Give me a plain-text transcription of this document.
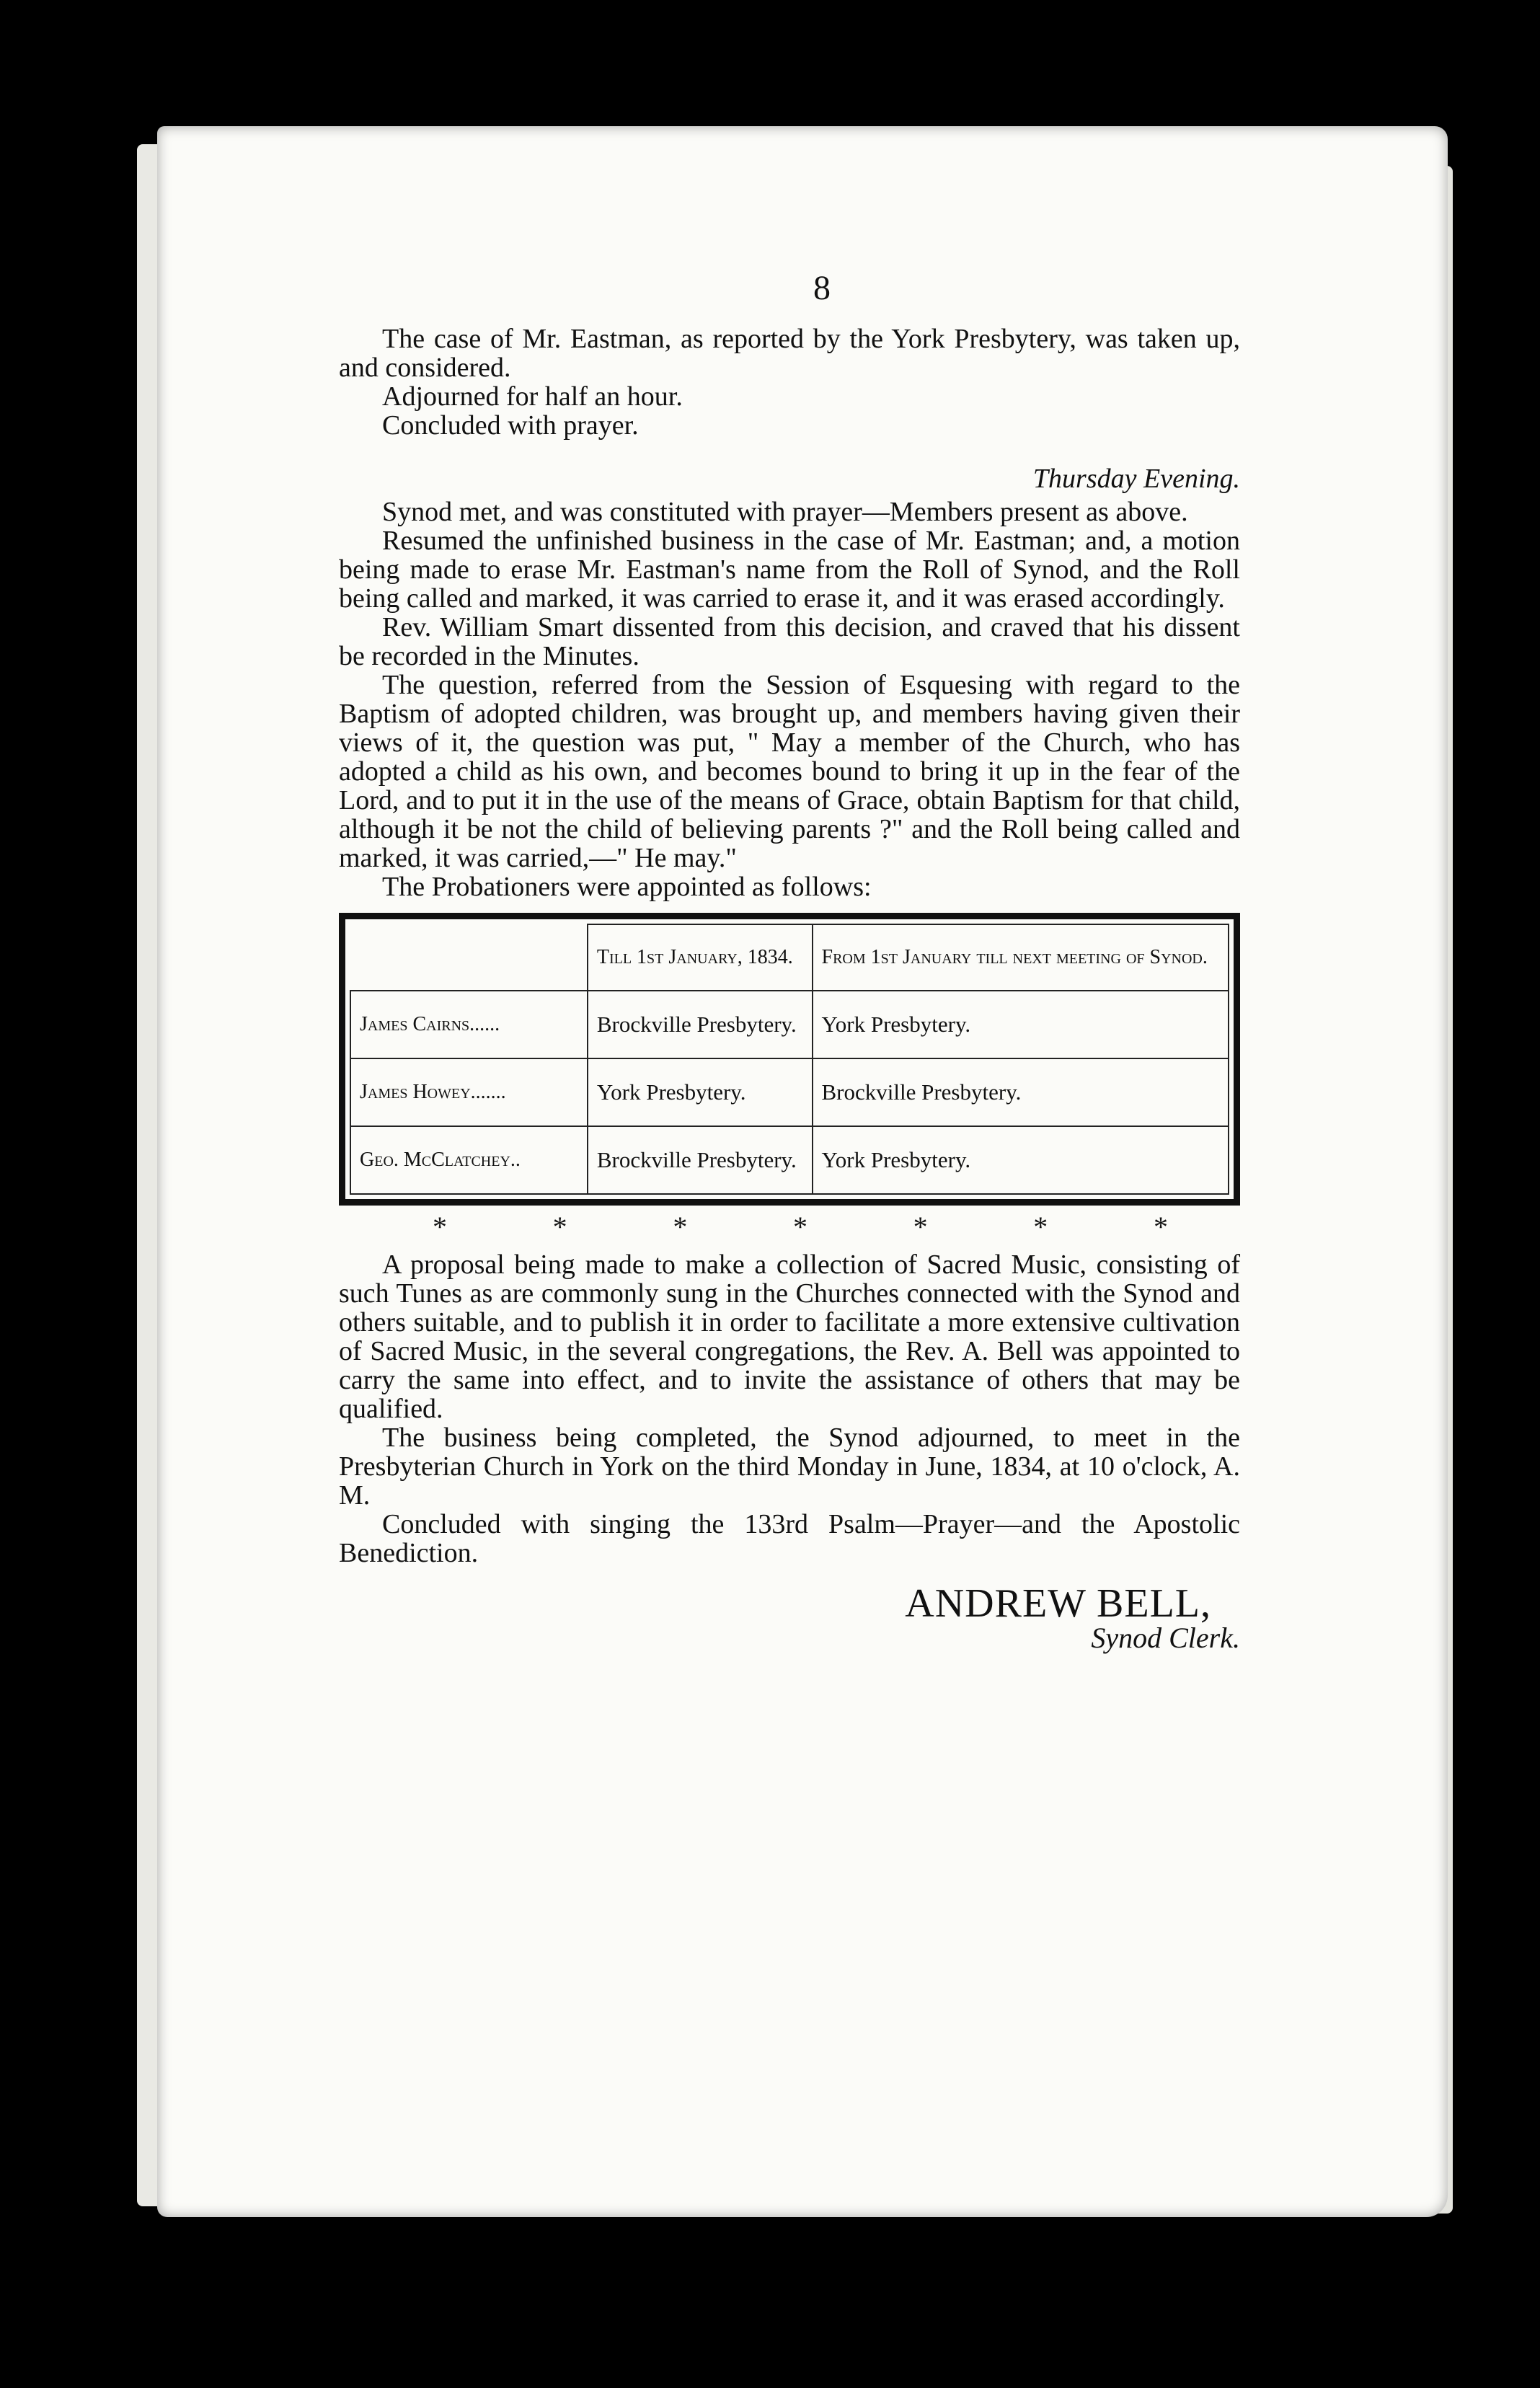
8

The case of Mr. Eastman, as reported by the York Presbytery, was taken up, and considered.

Adjourned for half an hour.

Concluded with prayer.

Thursday Evening.

Synod met, and was constituted with prayer—Members present as above.

Resumed the unfinished business in the case of Mr. Eastman; and, a motion being made to erase Mr. Eastman's name from the Roll of Synod, and the Roll being called and marked, it was carried to erase it, and it was erased accordingly.

Rev. William Smart dissented from this decision, and craved that his dissent be recorded in the Minutes.

The question, referred from the Session of Esquesing with regard to the Baptism of adopted children, was brought up, and members having given their views of it, the question was put, " May a member of the Church, who has adopted a child as his own, and becomes bound to bring it up in the fear of the Lord, and to put it in the use of the means of Grace, obtain Baptism for that child, although it be not the child of believing parents ?" and the Roll being called and marked, it was carried,—" He may."

The Probationers were appointed as follows:

	Till 1st January, 1834.	From 1st January till next meeting of Synod.
James Cairns......	Brockville Presbytery.	York Presbytery.
James Howey.......	York Presbytery.	Brockville Presbytery.
Geo. McClatchey..	Brockville Presbytery.	York Presbytery.
*	*	*	*	*	*	*

A proposal being made to make a collection of Sacred Music, consisting of such Tunes as are commonly sung in the Churches connected with the Synod and others suitable, and to publish it in order to facilitate a more extensive cultivation of Sacred Music, in the several congregations, the Rev. A. Bell was appointed to carry the same into effect, and to invite the assistance of others that may be qualified.

The business being completed, the Synod adjourned, to meet in the Presbyterian Church in York on the third Monday in June, 1834, at 10 o'clock, A. M.

Concluded with singing the 133rd Psalm—Prayer—and the Apostolic Benediction.

ANDREW BELL,
Synod Clerk.
